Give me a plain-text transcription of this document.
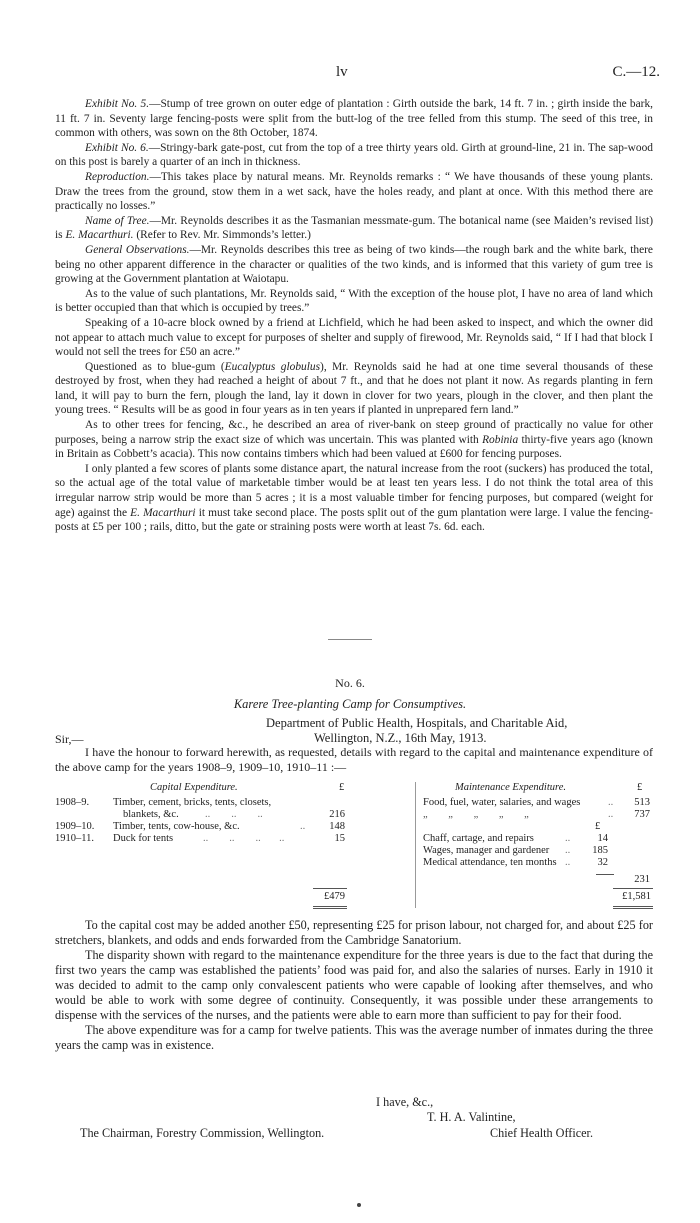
lv	C.—12.

Exhibit No. 5.—Stump of tree grown on outer edge of plantation : Girth outside the bark, 14 ft. 7 in. ; girth inside the bark, 11 ft. 7 in. Seventy large fencing-posts were split from the butt-log of the tree felled from this stump. The seed of this tree, in common with others, was sown on the 8th October, 1874.

Exhibit No. 6.—Stringy-bark gate-post, cut from the top of a tree thirty years old. Girth at ground-line, 21 in. The sap-wood on this post is barely a quarter of an inch in thickness.

Reproduction.—This takes place by natural means. Mr. Reynolds remarks : “ We have thousands of these young plants. Draw the trees from the ground, stow them in a wet sack, have the holes ready, and plant at once. With this method there are practically no losses.”

Name of Tree.—Mr. Reynolds describes it as the Tasmanian messmate-gum. The botanical name (see Maiden’s revised list) is E. Macarthuri. (Refer to Rev. Mr. Simmonds’s letter.)

General Observations.—Mr. Reynolds describes this tree as being of two kinds—the rough bark and the white bark, there being no other apparent difference in the character or qualities of the two kinds, and is informed that this variety of gum tree is growing at the Government plantation at Waiotapu.

As to the value of such plantations, Mr. Reynolds said, “ With the exception of the house plot, I have no area of land which is better occupied than that which is occupied by trees.”

Speaking of a 10-acre block owned by a friend at Lichfield, which he had been asked to inspect, and which the owner did not appear to attach much value to except for purposes of shelter and supply of firewood, Mr. Reynolds said, “ If I had that block I would not sell the trees for £50 an acre.”

Questioned as to blue-gum (Eucalyptus globulus), Mr. Reynolds said he had at one time several thousands of these destroyed by frost, when they had reached a height of about 7 ft., and that he does not plant it now. As regards planting in fern land, it will pay to burn the fern, plough the land, lay it down in clover for two years, plough in the clover, and then plant the young trees. “ Results will be as good in four years as in ten years if planted in unprepared fern land.”

As to other trees for fencing, &c., he described an area of river-bank on steep ground of practically no value for other purposes, being a narrow strip the exact size of which was uncertain. This was planted with Robinia thirty-five years ago (known in Britain as Cobbett’s acacia). This now contains timbers which had been valued at £600 for fencing purposes.

I only planted a few scores of plants some distance apart, the natural increase from the root (suckers) has produced the total, so the actual age of the total value of marketable timber would be at least ten years less. I do not think the total area of this irregular narrow strip would be more than 5 acres ; it is a most valuable timber for fencing purposes, but compared (weight for age) against the E. Macarthuri it must take second place. The posts split out of the gum plantation were large. I value the fencing-posts at £5 per 100 ; rails, ditto, but the gate or straining posts were worth at least 7s. 6d. each.

No. 6.
Karere Tree-planting Camp for Consumptives.
Department of Public Health, Hospitals, and Charitable Aid,
Wellington, N.Z., 16th May, 1913.
Sir,—

I have the honour to forward herewith, as requested, details with regard to the capital and maintenance expenditure of the above camp for the years 1908–9, 1909–10, 1910–11 :—

Capital Expenditure.	£
1908–9. Timber, cement, bricks, tents, closets,
blankets, &c.	..        ..        ..	216
1909–10. Timber, tents, cow-house, &c.	..	148
1910–11. Duck for tents	..        ..        ..       ..	15
£479
Maintenance Expenditure.	£
Food, fuel, water, salaries, and wages	..	513
„ „ „ „ „	..	737
£
Chaff, cartage, and repairs	..	14
Wages, manager and gardener ..	185
Medical attendance, ten months ..	32
231
£1,581

To the capital cost may be added another £50, representing £25 for prison labour, not charged for, and about £25 for stretchers, blankets, and odds and ends forwarded from the Cambridge Sanatorium.

The disparity shown with regard to the maintenance expenditure for the three years is due to the fact that during the first two years the camp was established the patients’ food was paid for, and also the salaries of nurses. Early in 1910 it was decided to admit to the camp only convalescent patients who were capable of looking after themselves, and who would be able to work with some degree of continuity. Consequently, it was possible under these arrangements to dispense with the services of the nurses, and the patients were able to earn more than sufficient to pay for their food.

The above expenditure was for a camp for twelve patients. This was the average number of inmates during the three years the camp was in existence.

I have, &c.,
T. H. A. Valintine,
Chief Health Officer.
The Chairman, Forestry Commission, Wellington.
